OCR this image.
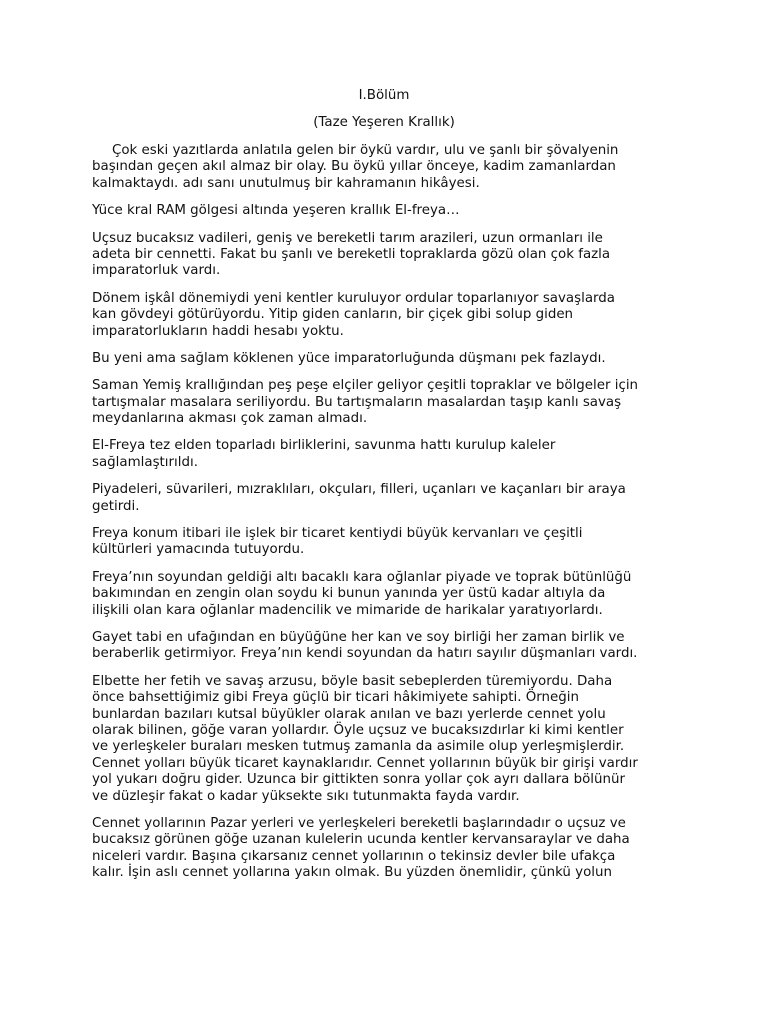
I.Bölüm
(Taze Yeşeren Krallık)

Çok eski yazıtlarda anlatıla gelen bir öykü vardır, ulu ve şanlı bir şövalyenin
başından geçen akıl almaz bir olay. Bu öykü yıllar önceye, kadim zamanlardan
kalmaktaydı. adı sanı unutulmuş bir kahramanın hikâyesi.

Yüce kral RAM gölgesi altında yeşeren krallık El-freya…

Uçsuz bucaksız vadileri, geniş ve bereketli tarım arazileri, uzun ormanları ile
adeta bir cennetti. Fakat bu şanlı ve bereketli topraklarda gözü olan çok fazla
imparatorluk vardı.

Dönem işkâl dönemiydi yeni kentler kuruluyor ordular toparlanıyor savaşlarda
kan gövdeyi götürüyordu. Yitip giden canların, bir çiçek gibi solup giden
imparatorlukların haddi hesabı yoktu.

Bu yeni ama sağlam köklenen yüce imparatorluğunda düşmanı pek fazlaydı.

Saman Yemiş krallığından peş peşe elçiler geliyor çeşitli topraklar ve bölgeler için
tartışmalar masalara seriliyordu. Bu tartışmaların masalardan taşıp kanlı savaş
meydanlarına akması çok zaman almadı.

El-Freya tez elden toparladı birliklerini, savunma hattı kurulup kaleler
sağlamlaştırıldı.

Piyadeleri, süvarileri, mızraklıları, okçuları, filleri, uçanları ve kaçanları bir araya
getirdi.

Freya konum itibari ile işlek bir ticaret kentiydi büyük kervanları ve çeşitli
kültürleri yamacında tutuyordu.

Freya’nın soyundan geldiği altı bacaklı kara oğlanlar piyade ve toprak bütünlüğü
bakımından en zengin olan soydu ki bunun yanında yer üstü kadar altıyla da
ilişkili olan kara oğlanlar madencilik ve mimaride de harikalar yaratıyorlardı.

Gayet tabi en ufağından en büyüğüne her kan ve soy birliği her zaman birlik ve
beraberlik getirmiyor. Freya’nın kendi soyundan da hatırı sayılır düşmanları vardı.

Elbette her fetih ve savaş arzusu, böyle basit sebeplerden türemiyordu. Daha
önce bahsettiğimiz gibi Freya güçlü bir ticari hâkimiyete sahipti. Örneğin
bunlardan bazıları kutsal büyükler olarak anılan ve bazı yerlerde cennet yolu
olarak bilinen, göğe varan yollardır. Öyle uçsuz ve bucaksızdırlar ki kimi kentler
ve yerleşkeler buraları mesken tutmuş zamanla da asimile olup yerleşmişlerdir.
Cennet yolları büyük ticaret kaynaklarıdır. Cennet yollarının büyük bir girişi vardır
yol yukarı doğru gider. Uzunca bir gittikten sonra yollar çok ayrı dallara bölünür
ve düzleşir fakat o kadar yüksekte sıkı tutunmakta fayda vardır.

Cennet yollarının Pazar yerleri ve yerleşkeleri bereketli başlarındadır o uçsuz ve
bucaksız görünen göğe uzanan kulelerin ucunda kentler kervansaraylar ve daha
niceleri vardır. Başına çıkarsanız cennet yollarının o tekinsiz devler bile ufakça
kalır. İşin aslı cennet yollarına yakın olmak. Bu yüzden önemlidir, çünkü yolun
